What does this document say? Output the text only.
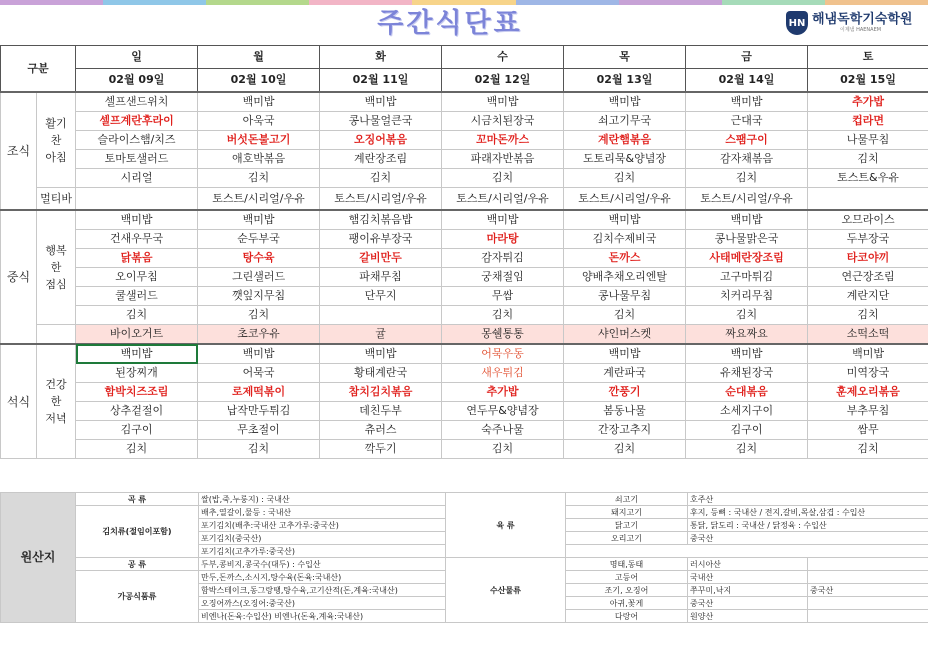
주간식단표	HN 해냄독학기숙학원
이제냄 HAENAEM
구분		일	월	화	수	목	금	토
		02월 09일	02월 10일	02월 11일	02월 12일	02월 13일	02월 14일	02월 15일
조식	활기
찬
아침	셀프샌드위치	백미밥	백미밥	백미밥	백미밥	백미밥	추가밥
		셀프계란후라이	아욱국	콩나물얼큰국	시금치된장국	쇠고기무국	근대국	컵라면
		슬라이스햄/치즈	버섯돈불고기	오징어볶음	꼬마돈까스	계란햄볶음	스팸구이	나물무침
		토마토샐러드	애호박볶음	계란장조림	파래자반볶음	도토리묵&양념장	감자채볶음	김치
		시리얼	김치	김치	김치	김치	김치	토스트&우유
	멀티바		토스트/시리얼/우유	토스트/시리얼/우유	토스트/시리얼/우유	토스트/시리얼/우유	토스트/시리얼/우유	
중식	행복
한
점심	백미밥	백미밥	햄김치볶음밥	백미밥	백미밥	백미밥	오므라이스
		건새우무국	순두부국	팽이유부장국	마라탕	김치수제비국	콩나물맑은국	두부장국
		닭볶음	탕수육	갈비만두	감자튀김	돈까스	사태메란장조림	타코야끼
		오이무침	그린샐러드	파채무침	궁채절임	양배추채오리엔탈	고구마튀김	연근장조림
		쿨샐러드	깻잎지무침	단무지	무쌈	콩나물무침	치커리무침	계란지단
		김치	김치		김치	김치	김치	김치
		바이오거트	초코우유	귤	몽쉘통통	샤인머스켓	짜요짜요	소떡소떡
석식	건강
한
저녁	백미밥	백미밥	백미밥	어묵우동	백미밥	백미밥	백미밥
		된장찌개	어묵국	황태계란국	새우튀김	계란파국	유채된장국	미역장국
		함박치즈조림	로제떡볶이	참치김치볶음	추가밥	깐풍기	순대볶음	훈제오리볶음
		상추겉절이	납작만두튀김	데친두부	연두무&양념장	봄동나물	소세지구이	부추무침
		김구이	무초절이	츄러스	숙주나물	간장고추지	김구이	쌈무
		김치	김치	깍두기	김치	김치	김치	김치
원산지	곡 류	쌀(밥,죽,누룽지) : 국내산	육 류	쇠고기	호주산	
	김치류(절임이포함)	배추,열갈이,물등 : 국내산		돼지고기	후지, 등뼈 : 국내산 / 전지,갈비,목살,삼겹 : 수입산	
		포기김치(배추:국내산 고추가루:중국산)		닭고기	통닭, 닭도리 : 국내산 / 닭정육 : 수입산	
		포기김치(중국산)		오리고기	중국산	
		포기김치(고추가루:중국산)				
	공 류	두부,콩비지,콩국수(대두) : 수입산	수산물류	명태,동태	러시아산	
	가공식품류	만두,돈까스,소시지,탕수육(돈육:국내산)		고등어	국내산	
		함박스테이크,동그랑땡,탕수육,고기산적(돈,계육:국내산)		조기, 오징어	쭈꾸미,낙지	중국산
		오징어까스(오징어:중국산)		아귀,꽃게	중국산	
		비엔나(돈육:수입산) 비엔나(돈육,계육:국내산)		다랑어	원양산	
